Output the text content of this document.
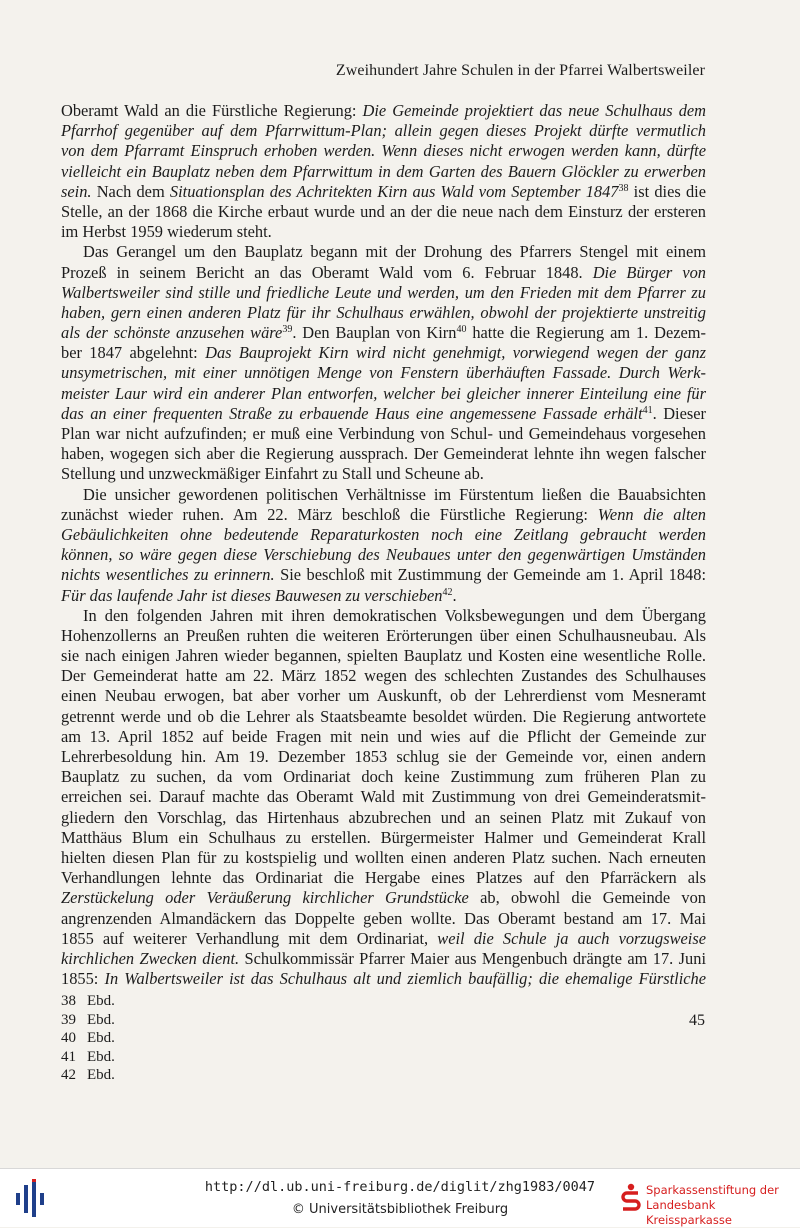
Zweihundert Jahre Schulen in der Pfarrei Walbertsweiler
Oberamt Wald an die Fürstliche Regierung: Die Gemeinde projektiert das neue Schulhaus dem
Pfarrhof gegenüber auf dem Pfarrwittum-Plan; allein gegen dieses Projekt dürfte vermutlich
von dem Pfarramt Einspruch erhoben werden. Wenn dieses nicht erwogen werden kann, dürfte
vielleicht ein Bauplatz neben dem Pfarrwittum in dem Garten des Bauern Glöckler zu erwerben
sein. Nach dem Situationsplan des Achritekten Kirn aus Wald vom September 1847$^{38}$ ist dies die
Stelle, an der 1868 die Kirche erbaut wurde und an der die neue nach dem Einsturz der ersteren
im Herbst 1959 wiederum steht.
Das Gerangel um den Bauplatz begann mit der Drohung des Pfarrers Stengel mit einem
Prozeß in seinem Bericht an das Oberamt Wald vom 6. Februar 1848. Die Bürger von
Walbertsweiler sind stille und friedliche Leute und werden, um den Frieden mit dem Pfarrer zu
haben, gern einen anderen Platz für ihr Schulhaus erwählen, obwohl der projektierte unstreitig
als der schönste anzusehen wäre$^{39}$. Den Bauplan von Kirn$^{40}$ hatte die Regierung am 1. Dezem-
ber 1847 abgelehnt: Das Bauprojekt Kirn wird nicht genehmigt, vorwiegend wegen der ganz
unsymetrischen, mit einer unnötigen Menge von Fenstern überhäuften Fassade. Durch Werk-
meister Laur wird ein anderer Plan entworfen, welcher bei gleicher innerer Einteilung eine für
das an einer frequenten Straße zu erbauende Haus eine angemessene Fassade erhält$^{41}$. Dieser
Plan war nicht aufzufinden; er muß eine Verbindung von Schul- und Gemeindehaus vorgesehen
haben, wogegen sich aber die Regierung aussprach. Der Gemeinderat lehnte ihn wegen falscher
Stellung und unzweckmäßiger Einfahrt zu Stall und Scheune ab.
Die unsicher gewordenen politischen Verhältnisse im Fürstentum ließen die Bauabsichten
zunächst wieder ruhen. Am 22. März beschloß die Fürstliche Regierung: Wenn die alten
Gebäulichkeiten ohne bedeutende Reparaturkosten noch eine Zeitlang gebraucht werden
können, so wäre gegen diese Verschiebung des Neubaues unter den gegenwärtigen Umständen
nichts wesentliches zu erinnern. Sie beschloß mit Zustimmung der Gemeinde am 1. April 1848:
Für das laufende Jahr ist dieses Bauwesen zu verschieben$^{42}$.
In den folgenden Jahren mit ihren demokratischen Volksbewegungen und dem Übergang
Hohenzollerns an Preußen ruhten die weiteren Erörterungen über einen Schulhausneubau. Als
sie nach einigen Jahren wieder begannen, spielten Bauplatz und Kosten eine wesentliche Rolle.
Der Gemeinderat hatte am 22. März 1852 wegen des schlechten Zustandes des Schulhauses
einen Neubau erwogen, bat aber vorher um Auskunft, ob der Lehrerdienst vom Mesneramt
getrennt werde und ob die Lehrer als Staatsbeamte besoldet würden. Die Regierung antwortete
am 13. April 1852 auf beide Fragen mit nein und wies auf die Pflicht der Gemeinde zur
Lehrerbesoldung hin. Am 19. Dezember 1853 schlug sie der Gemeinde vor, einen andern
Bauplatz zu suchen, da vom Ordinariat doch keine Zustimmung zum früheren Plan zu
erreichen sei. Darauf machte das Oberamt Wald mit Zustimmung von drei Gemeinderatsmit-
gliedern den Vorschlag, das Hirtenhaus abzubrechen und an seinen Platz mit Zukauf von
Matthäus Blum ein Schulhaus zu erstellen. Bürgermeister Halmer und Gemeinderat Krall
hielten diesen Plan für zu kostspielig und wollten einen anderen Platz suchen. Nach erneuten
Verhandlungen lehnte das Ordinariat die Hergabe eines Platzes auf den Pfarräckern als
Zerstückelung oder Veräußerung kirchlicher Grundstücke ab, obwohl die Gemeinde von
angrenzenden Almandäckern das Doppelte geben wollte. Das Oberamt bestand am 17. Mai
1855 auf weiterer Verhandlung mit dem Ordinariat, weil die Schule ja auch vorzugsweise
kirchlichen Zwecken dient. Schulkommissär Pfarrer Maier aus Mengenbuch drängte am 17. Juni
1855: In Walbertsweiler ist das Schulhaus alt und ziemlich baufällig; die ehemalige Fürstliche
38 Ebd.
39 Ebd.
40 Ebd.
41 Ebd.
42 Ebd.
45
http://dl.ub.uni-freiburg.de/diglit/zhg1983/0047
© Universitätsbibliothek Freiburg
Sparkassenstiftung der
Landesbank Kreissparkasse
